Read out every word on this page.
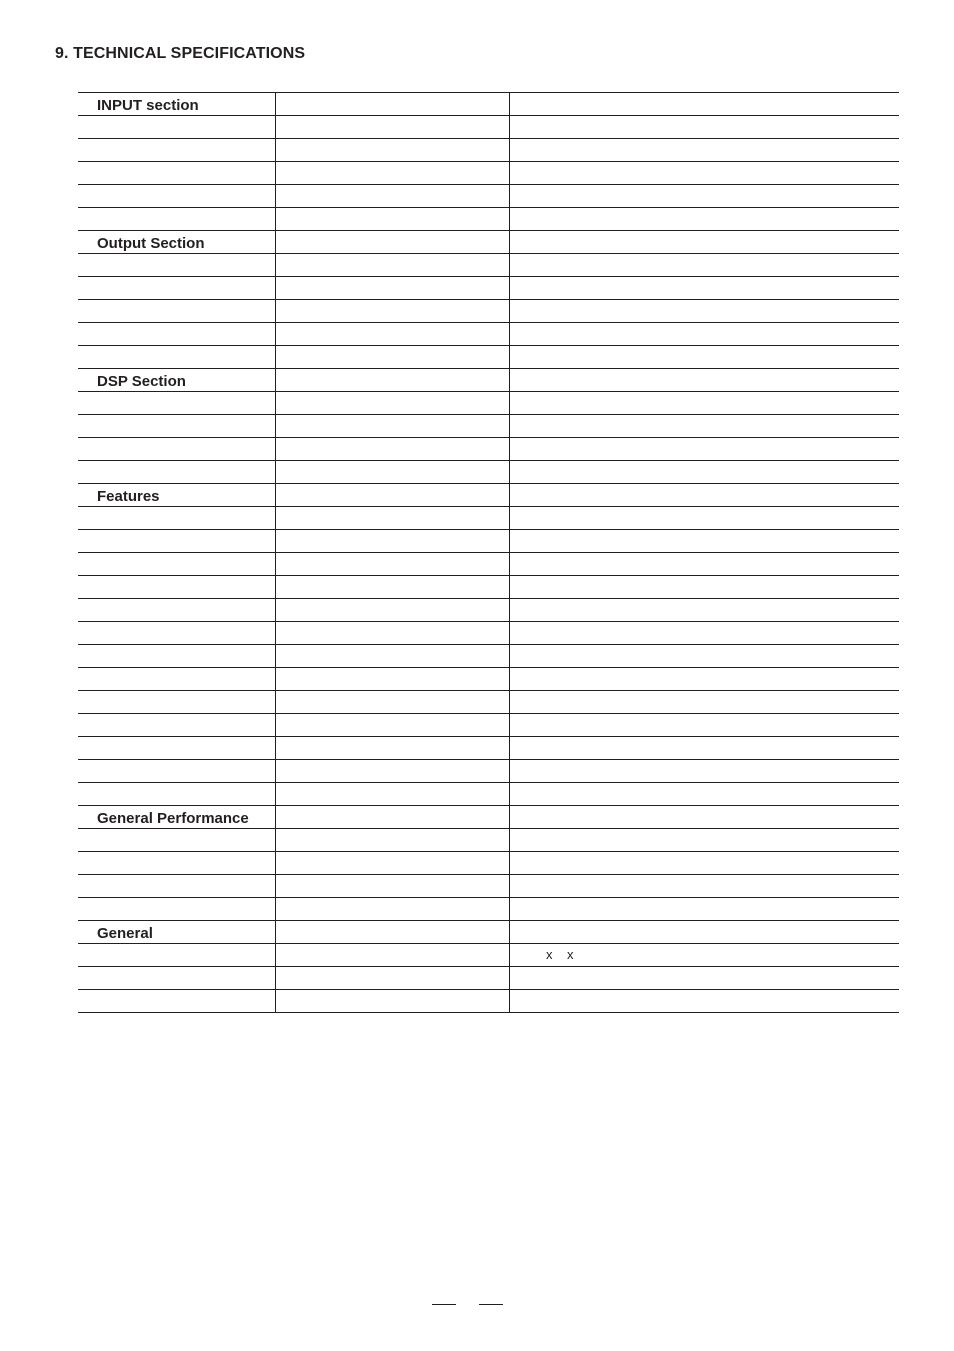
9. TECHNICAL SPECIFICATIONS
INPUT section
Output Section
DSP Section
Features
General Performance
General
x    x
